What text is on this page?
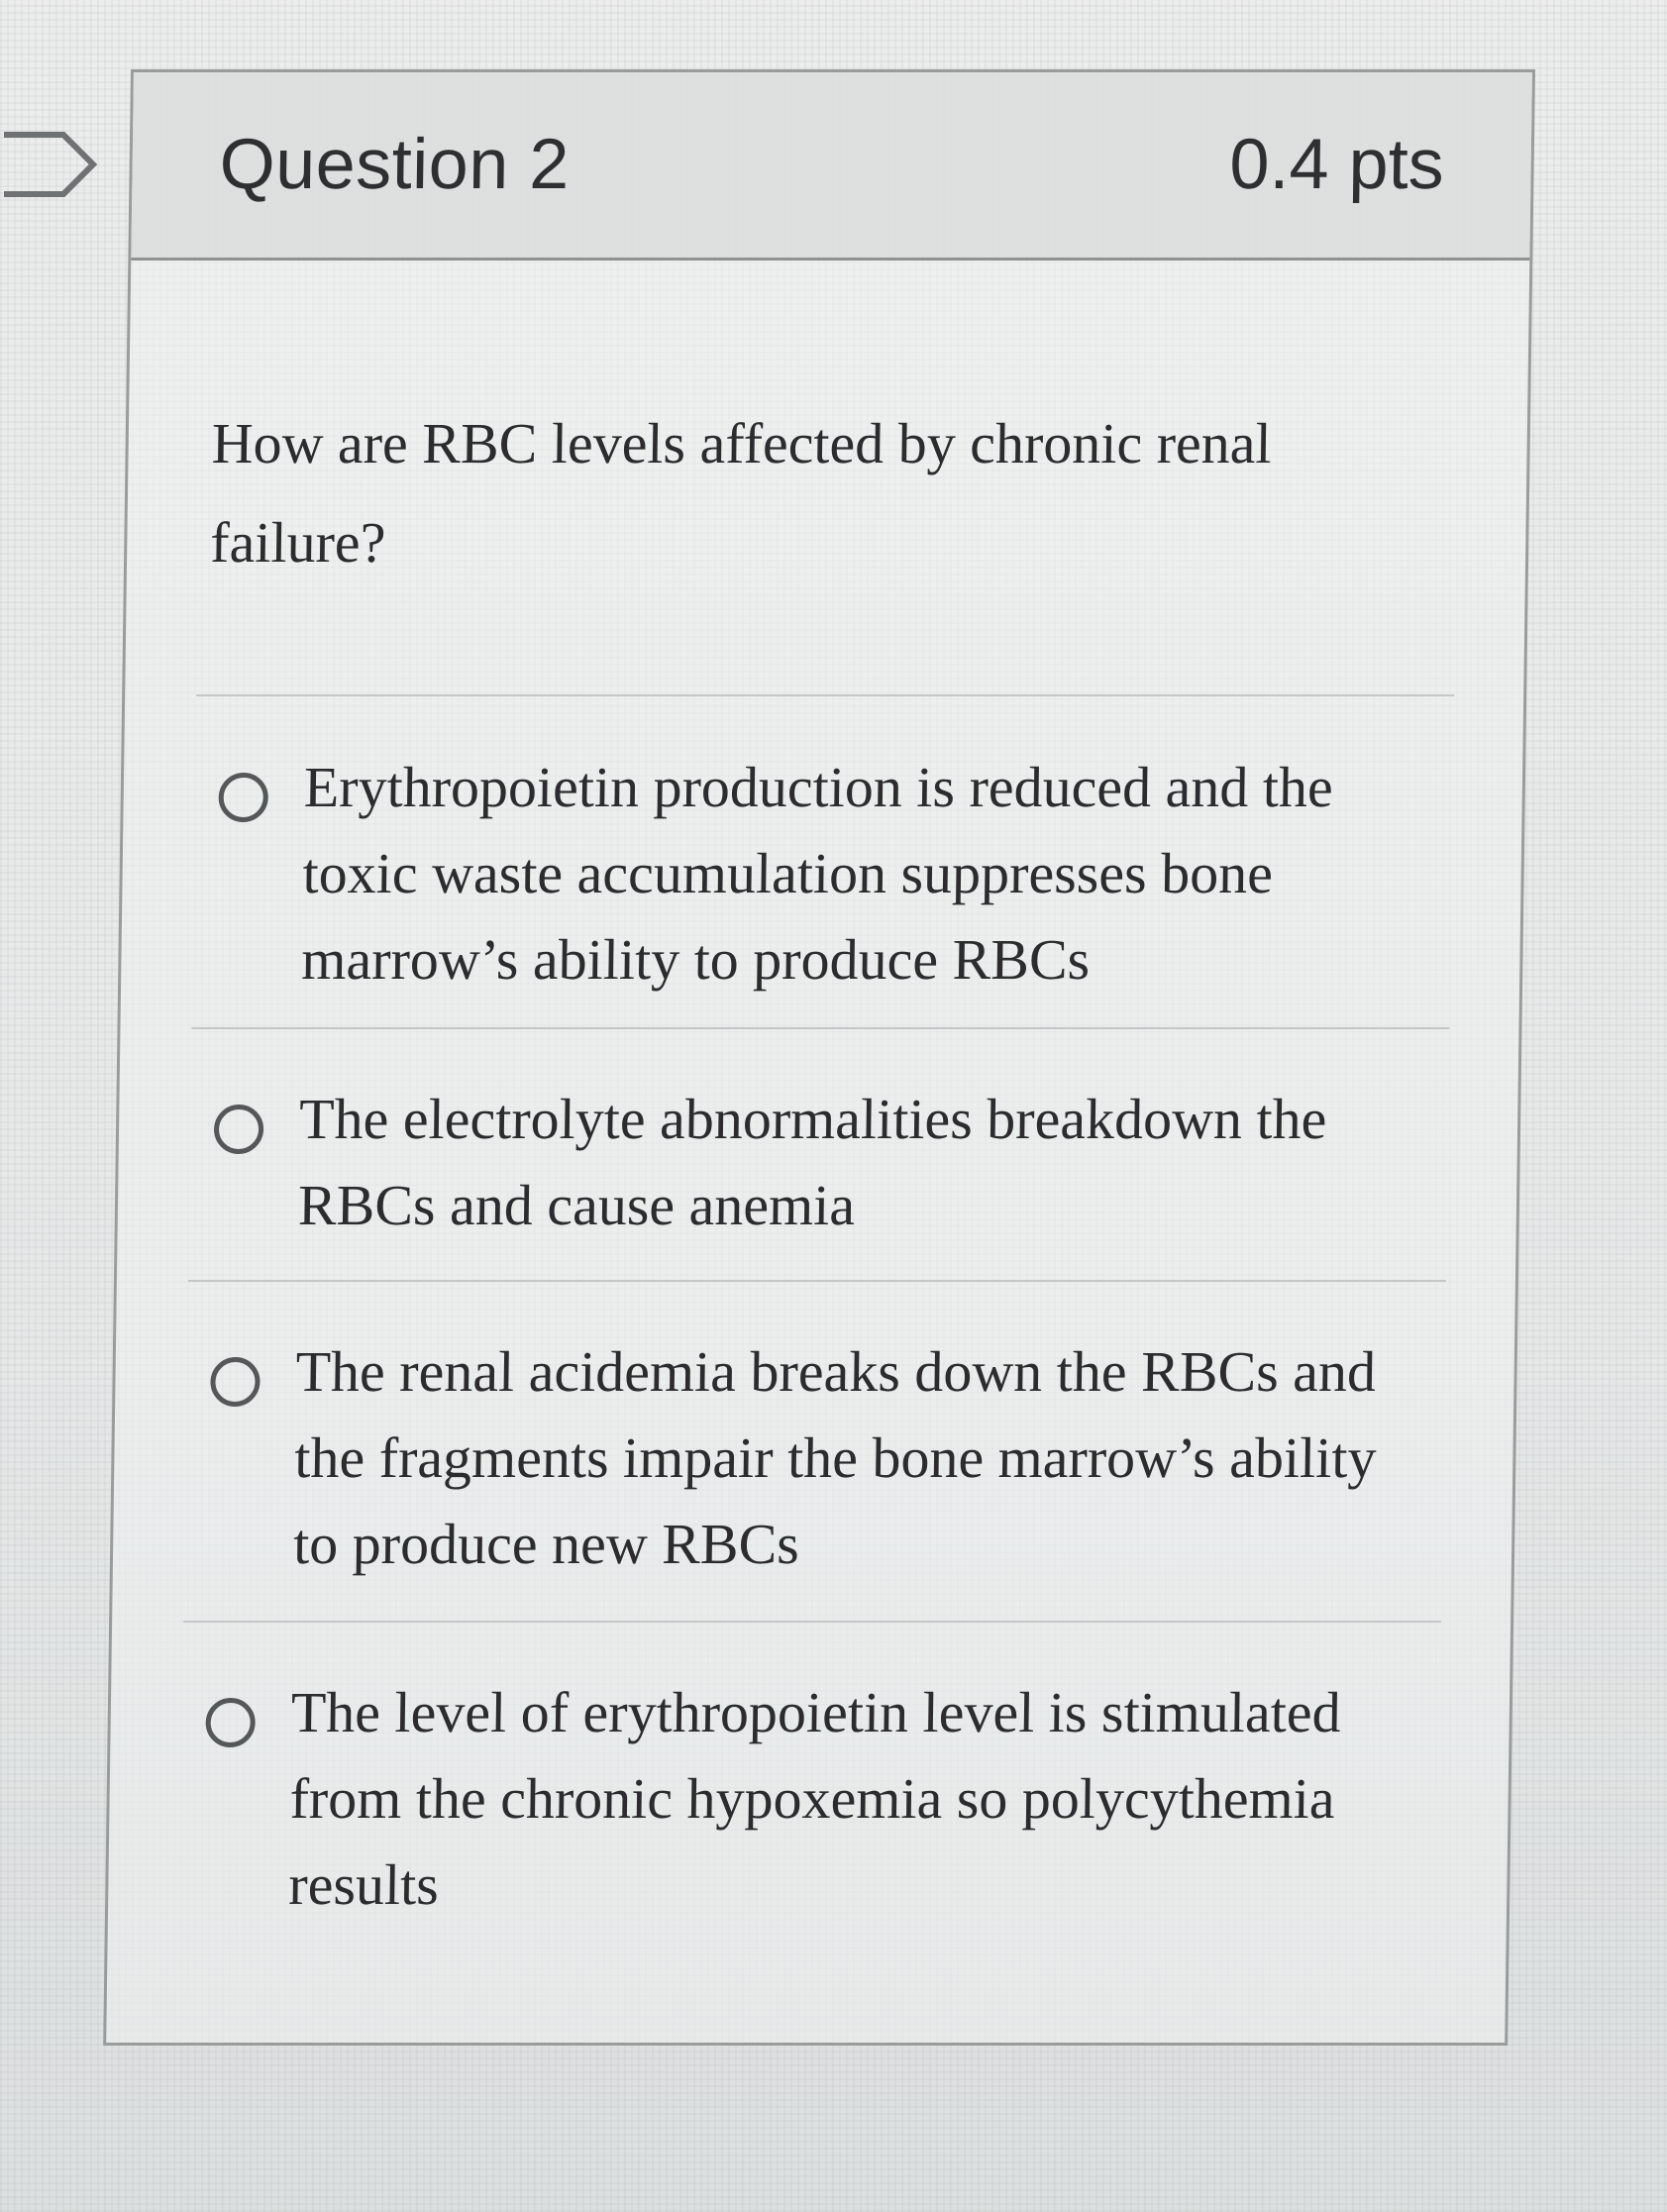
Question 2	0.4 pts
How are RBC levels affected by chronic renal failure?
Erythropoietin production is reduced and the toxic waste accumulation suppresses bone marrow’s ability to produce RBCs
The electrolyte abnormalities breakdown the RBCs and cause anemia
The renal acidemia breaks down the RBCs and the fragments impair the bone marrow’s ability to produce new RBCs
The level of erythropoietin level is stimulated from the chronic hypoxemia so polycythemia results
